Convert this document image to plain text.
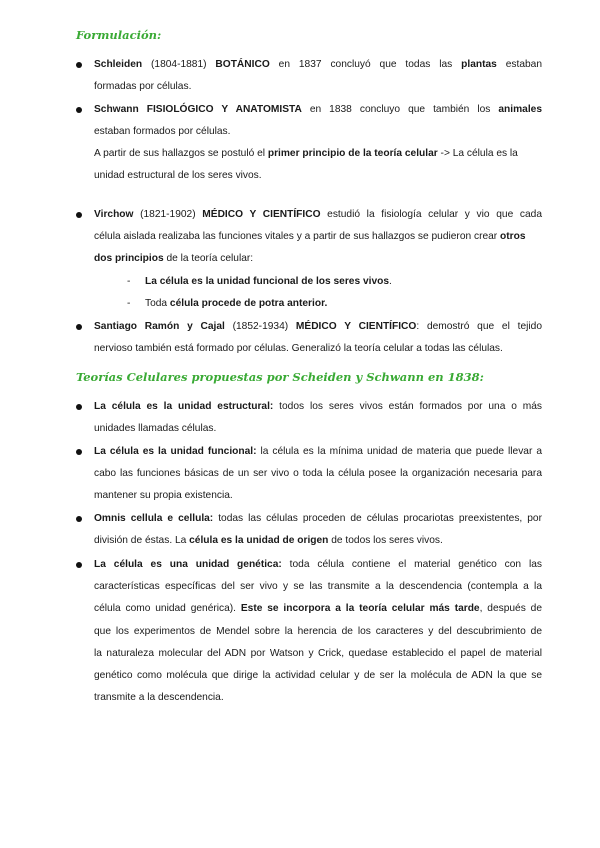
Formulación:
Schleiden (1804-1881) BOTÁNICO en 1837 concluyó que todas las plantas estaban
formadas por células.
Schwann FISIOLÓGICO Y ANATOMISTA en 1838 concluyo que también los animales
estaban formados por células.
A partir de sus hallazgos se postuló el primer principio de la teoría celular -> La célula es la
unidad estructural de los seres vivos.
Virchow (1821-1902) MÉDICO Y CIENTÍFICO estudió la fisiología celular y vio que cada
célula aislada realizaba las funciones vitales y a partir de sus hallazgos se pudieron crear otros
dos principios de la teoría celular:
- La célula es la unidad funcional de los seres vivos.
- Toda célula procede de potra anterior.
Santiago Ramón y Cajal (1852-1934) MÉDICO Y CIENTÍFICO: demostró que el tejido
nervioso también está formado por células. Generalizó la teoría celular a todas las células.
Teorías Celulares propuestas por Scheiden y Schwann en 1838:
La célula es la unidad estructural: todos los seres vivos están formados por una o más
unidades llamadas células.
La célula es la unidad funcional: la célula es la mínima unidad de materia que puede llevar a
cabo las funciones básicas de un ser vivo o toda la célula posee la organización necesaria para
mantener su propia existencia.
Omnis cellula e cellula: todas las células proceden de células procariotas preexistentes, por
división de éstas. La célula es la unidad de origen de todos los seres vivos.
La célula es una unidad genética: toda célula contiene el material genético con las
características específicas del ser vivo y se las transmite a la descendencia (contempla a la
célula como unidad genérica). Este se incorpora a la teoría celular más tarde, después de
que los experimentos de Mendel sobre la herencia de los caracteres y del descubrimiento de
la naturaleza molecular del ADN por Watson y Crick, quedase establecido el papel de material
genético como molécula que dirige la actividad celular y de ser la molécula de ADN la que se
transmite a la descendencia.
